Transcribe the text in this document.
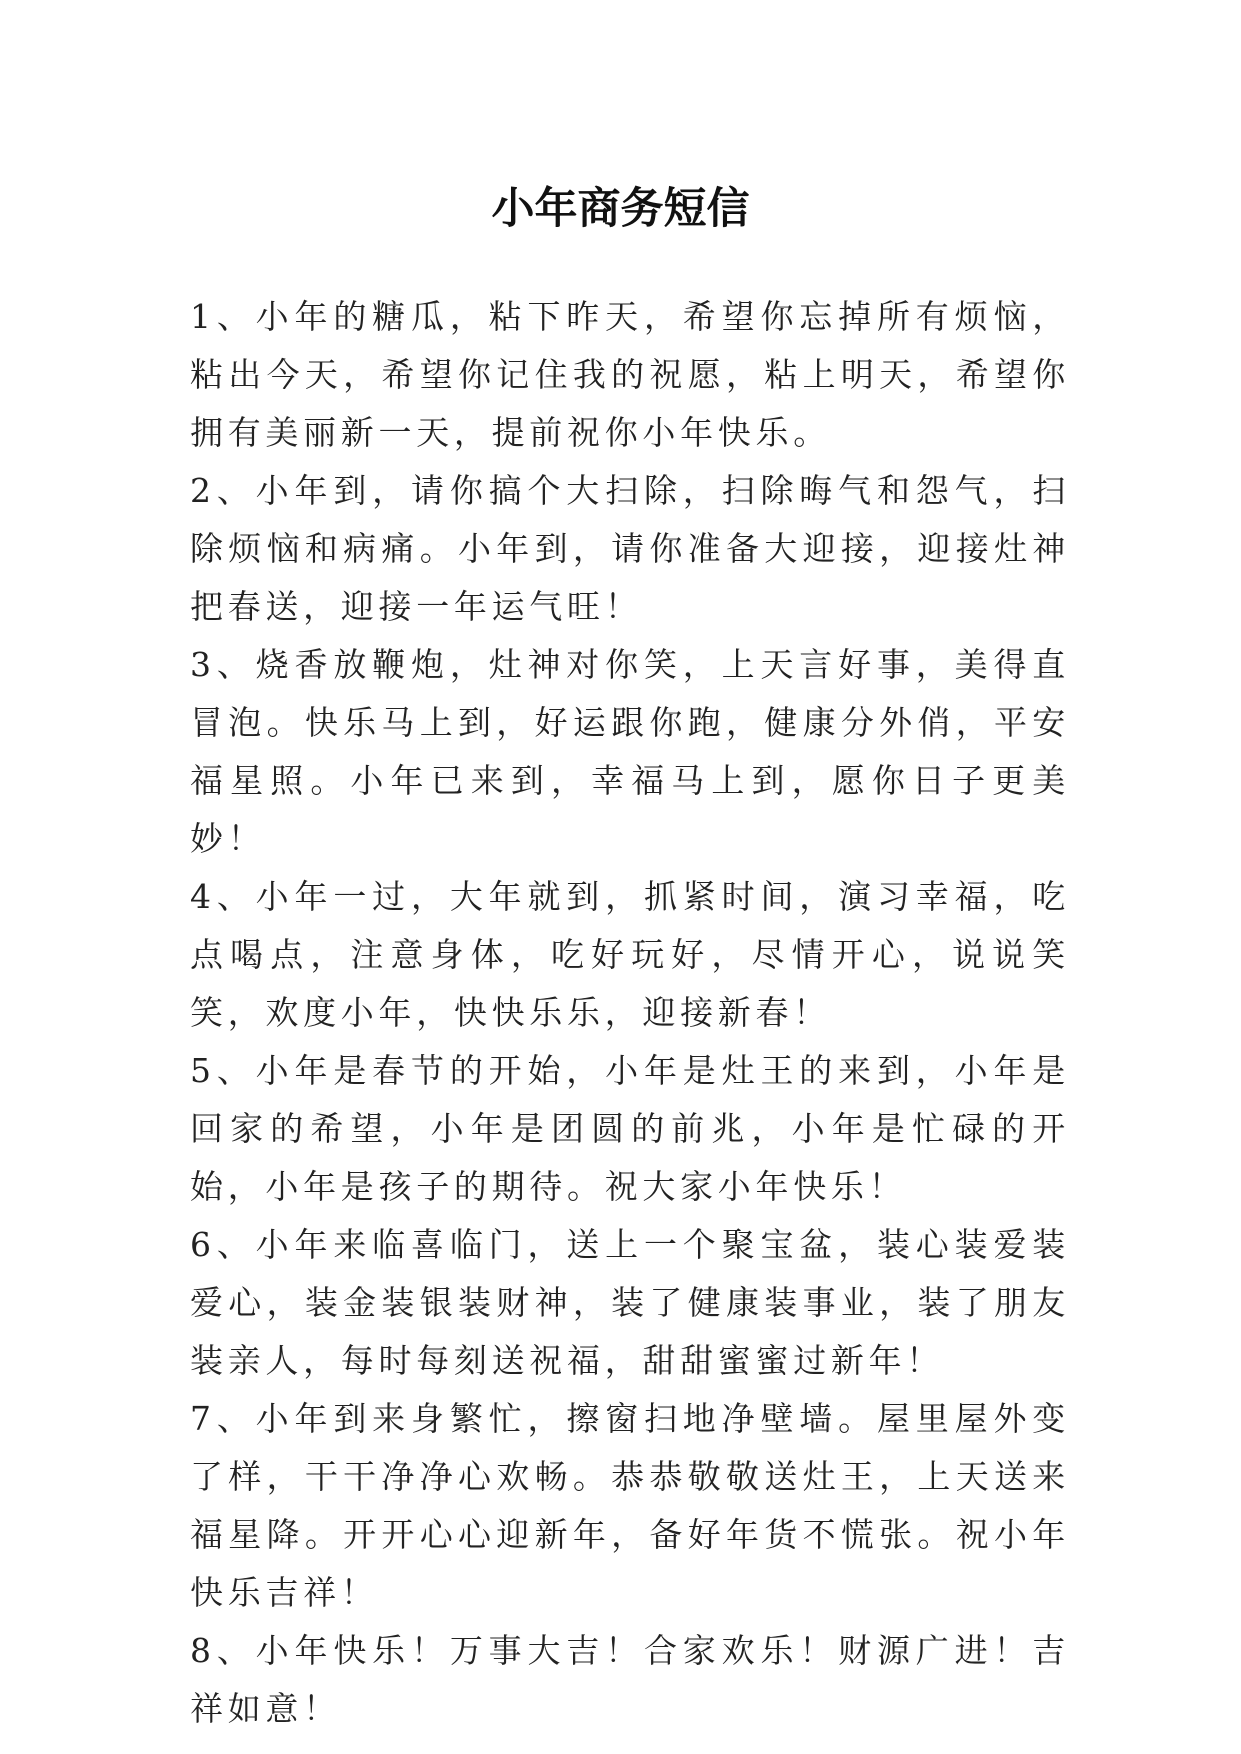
小年商务短信

1、小年的糖瓜，粘下昨天，希望你忘掉所有烦恼，粘出今天，希望你记住我的祝愿，粘上明天，希望你拥有美丽新一天，提前祝你小年快乐。

2、小年到，请你搞个大扫除，扫除晦气和怨气，扫除烦恼和病痛。小年到，请你准备大迎接，迎接灶神把春送，迎接一年运气旺！

3、烧香放鞭炮，灶神对你笑，上天言好事，美得直冒泡。快乐马上到，好运跟你跑，健康分外俏，平安福星照。小年已来到，幸福马上到，愿你日子更美妙！

4、小年一过，大年就到，抓紧时间，演习幸福，吃点喝点，注意身体，吃好玩好，尽情开心，说说笑笑，欢度小年，快快乐乐，迎接新春！

5、小年是春节的开始，小年是灶王的来到，小年是回家的希望，小年是团圆的前兆，小年是忙碌的开始，小年是孩子的期待。祝大家小年快乐！

6、小年来临喜临门，送上一个聚宝盆，装心装爱装爱心，装金装银装财神，装了健康装事业，装了朋友装亲人，每时每刻送祝福，甜甜蜜蜜过新年！

7、小年到来身繁忙，擦窗扫地净壁墙。屋里屋外变了样，干干净净心欢畅。恭恭敬敬送灶王，上天送来福星降。开开心心迎新年，备好年货不慌张。祝小年快乐吉祥！

8、小年快乐！万事大吉！合家欢乐！财源广进！吉祥如意！
